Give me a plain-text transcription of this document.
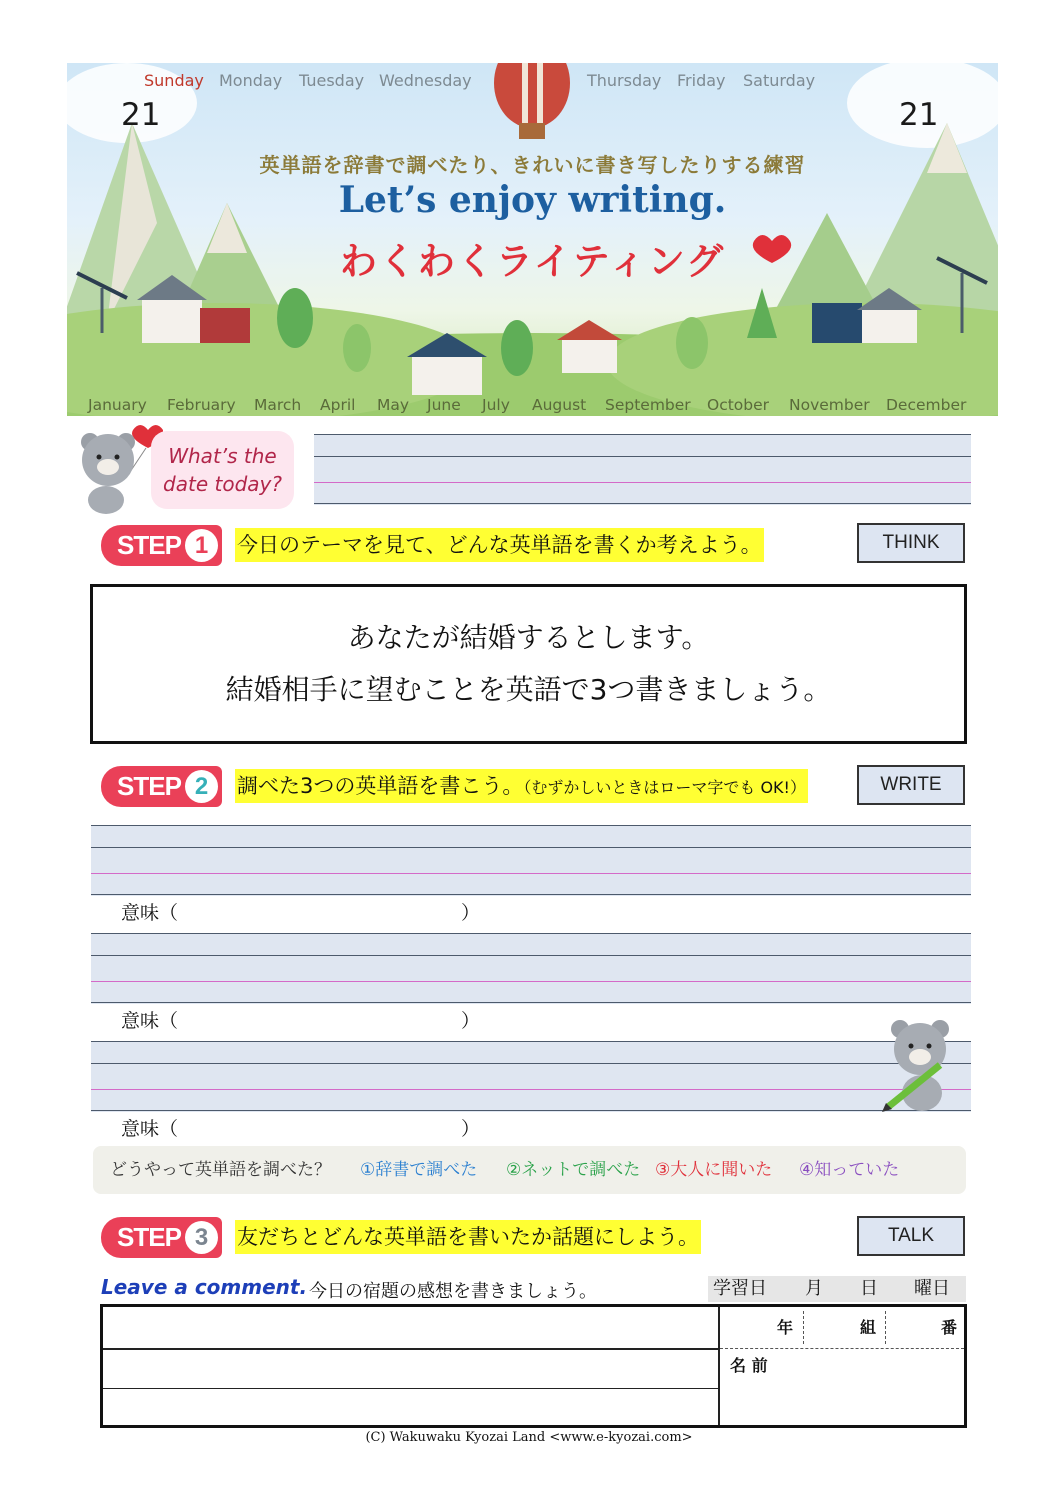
Sunday Monday Tuesday Wednesday	Thursday Friday Saturday
21	21
英単語を辞書で調べたり、きれいに書き写したりする練習
Let’s enjoy writing.
わくわくライティング
January February March April May June July August September October November December
What’s the date today?
STEP 1	今日のテーマを見て、どんな英単語を書くか考えよう。	THINK
あなたが結婚するとします。
結婚相手に望むことを英語で3つ書きましょう。
STEP 2	調べた3つの英単語を書こう。（むずかしいときはローマ字でも OK!）	WRITE
意味（	）
意味（	）
意味（	）
どうやって英単語を調べた？ ①辞書で調べた ②ネットで調べた ③大人に聞いた ④知っていた
STEP 3	友だちとどんな英単語を書いたか話題にしよう。	TALK
Leave a comment. 今日の宿題の感想を書きましょう。	学習日 月 日 曜日
年	組	番
名 前
(C) Wakuwaku Kyozai Land <www.e-kyozai.com>
